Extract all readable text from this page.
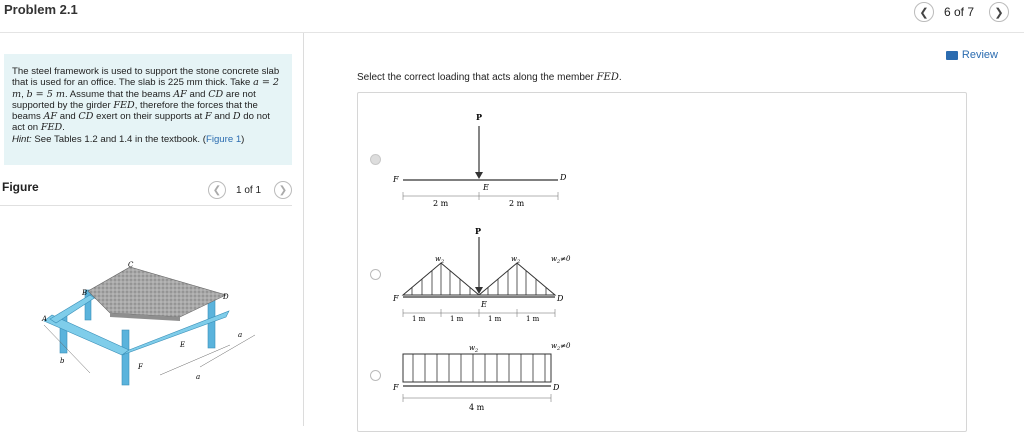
Problem 2.1	❮ 6 of 7 ❯
Review
The steel framework is used to support the stone concrete slab that is used for an office. The slab is 225 mm thick. Take a = 2 m, b = 5 m. Assume that the beams AF and CD are not supported by the girder FED, therefore the forces that the beams AF and CD exert on their supports at F and D do not act on FED.
Hint: See Tables 1.2 and 1.4 in the textbook. (Figure 1)
Figure	❮ 1 of 1 ❯
A
B
C
D
E
F
b
a
a
Select the correct loading that acts along the member FED.
P
F
E
D
2 m	2 m
P
w 2	w 2	$w_2\ne 0$
F
E
D
1 m	1 m	1 m	1 m
$w_2$
$w_2\ne 0$
F	D
4 m
